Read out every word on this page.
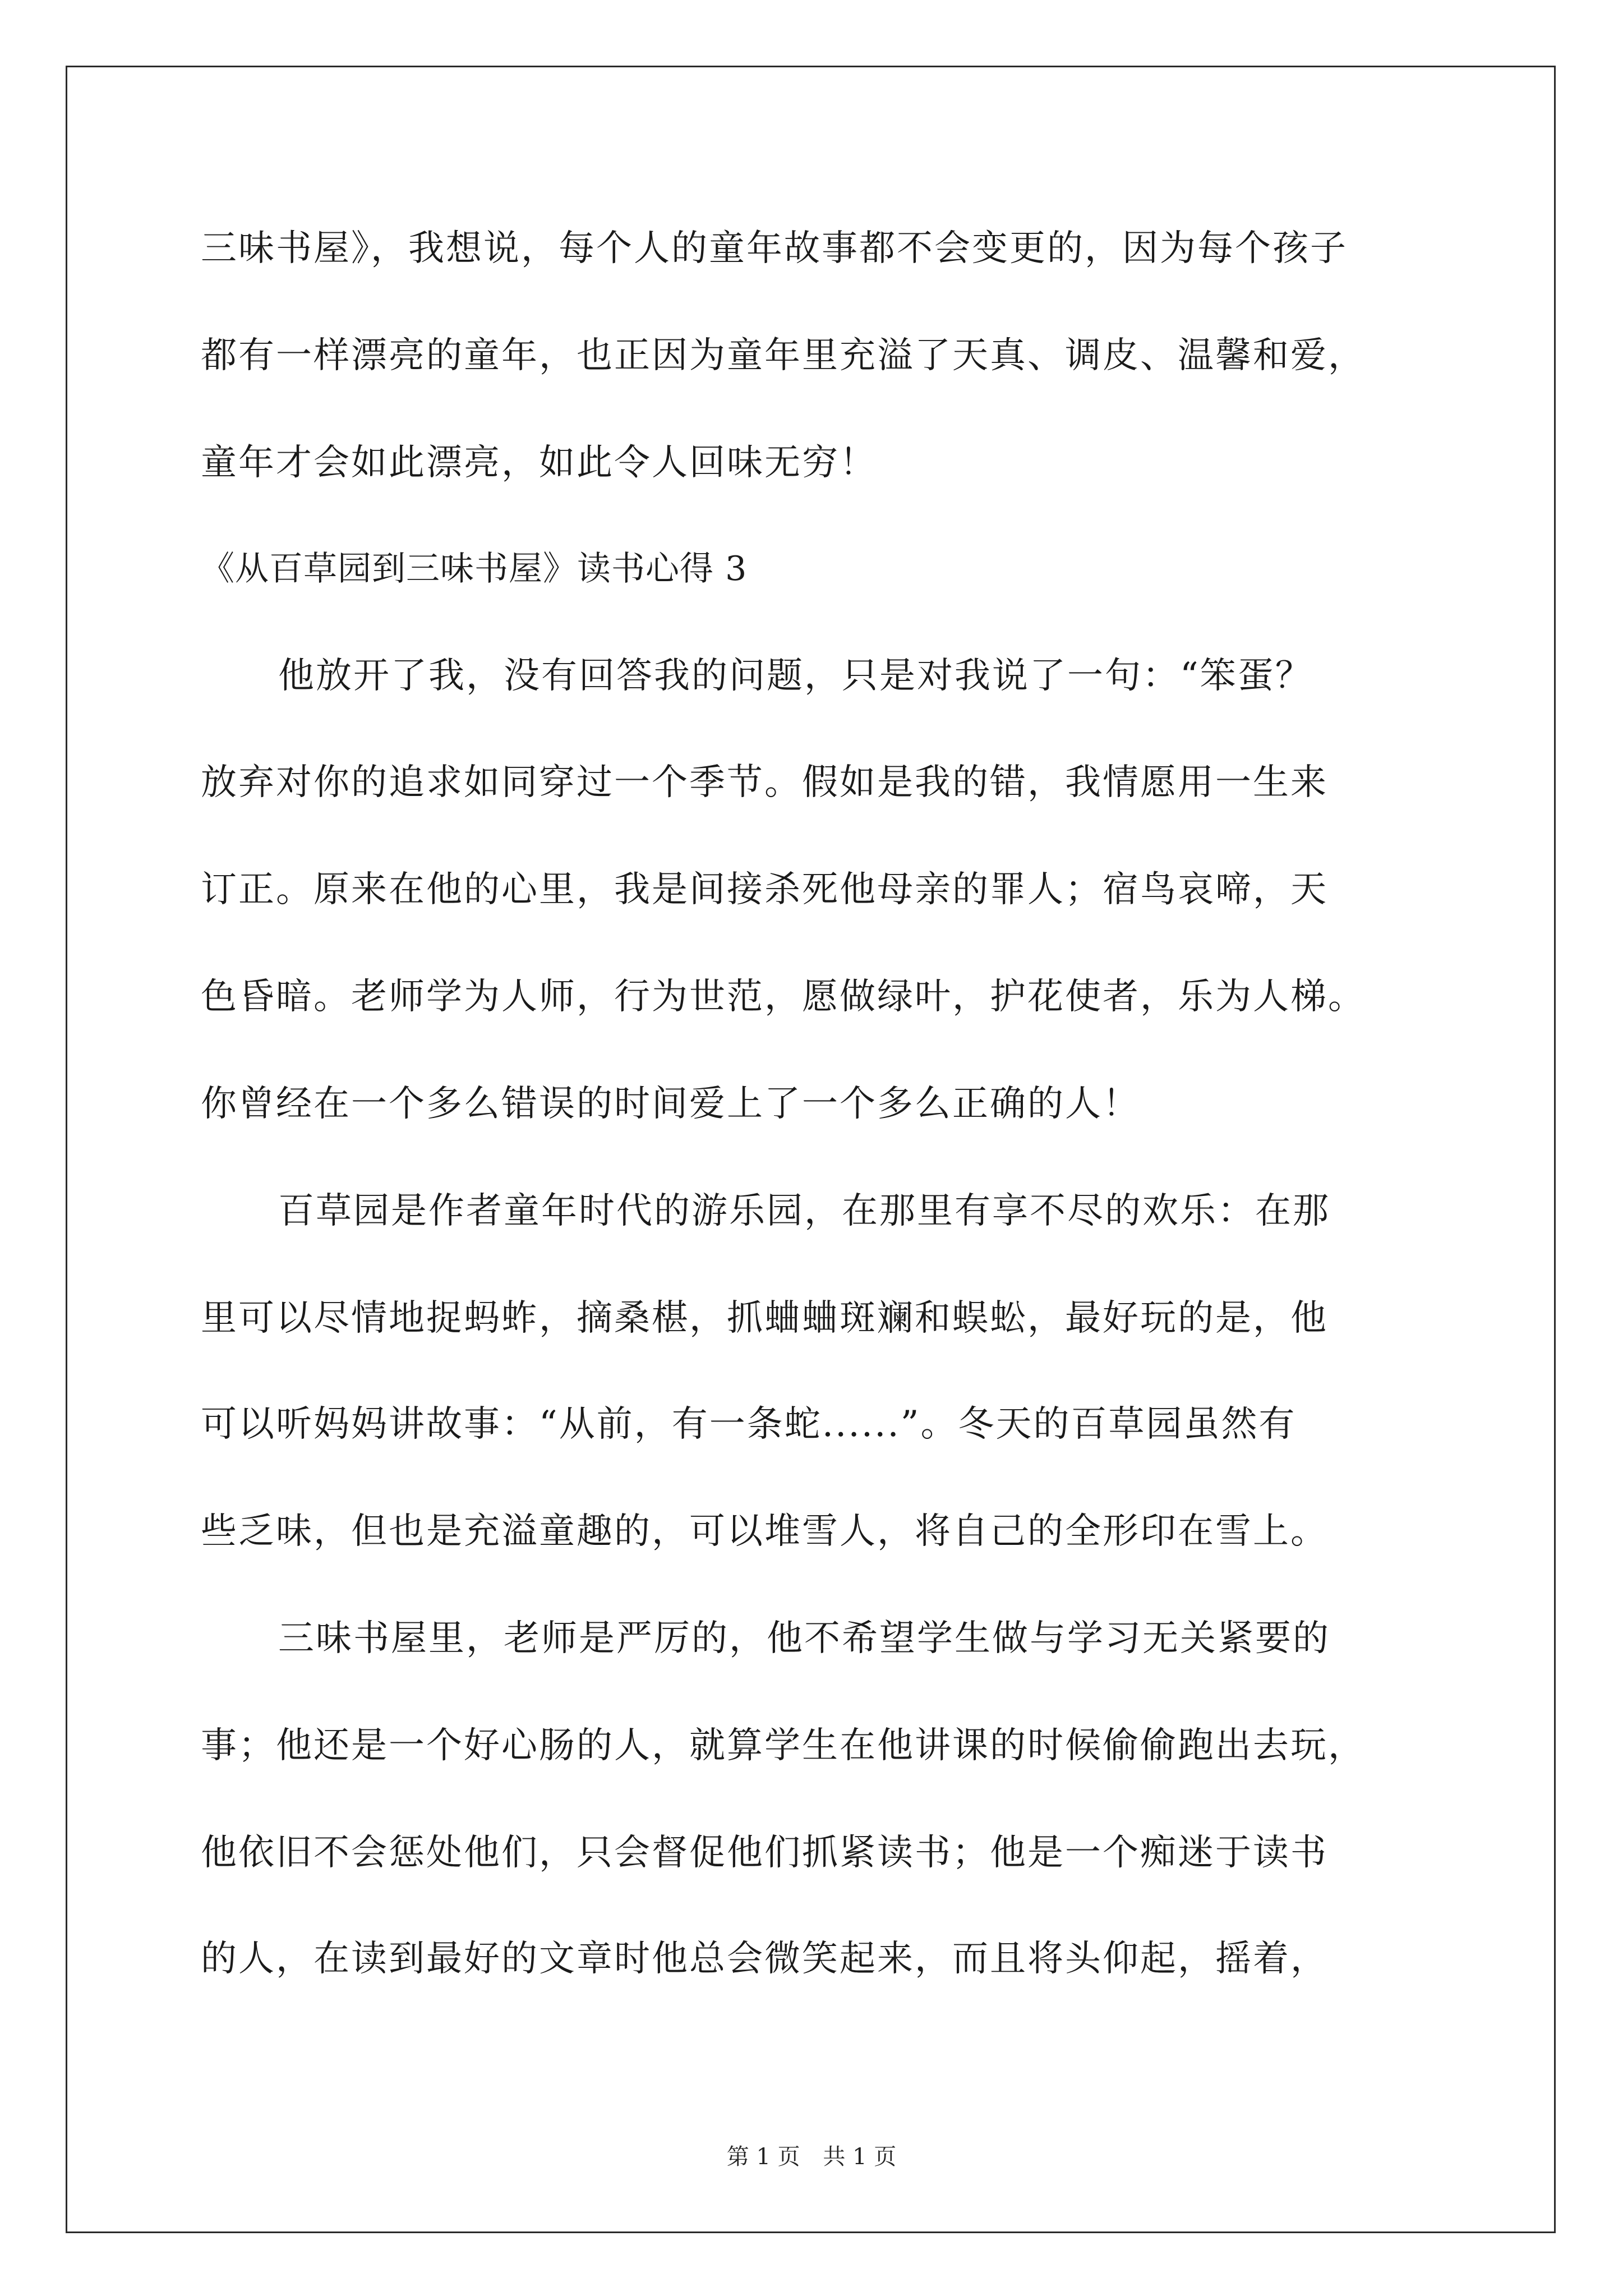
三味书屋》，我想说，每个人的童年故事都不会变更的，因为每个孩子
都有一样漂亮的童年，也正因为童年里充溢了天真、调皮、温馨和爱，
童年才会如此漂亮，如此令人回味无穷！
《从百草园到三味书屋》读书心得 3
他放开了我，没有回答我的问题，只是对我说了一句：“笨蛋？
放弃对你的追求如同穿过一个季节。假如是我的错，我情愿用一生来
订正。原来在他的心里，我是间接杀死他母亲的罪人；宿鸟哀啼，天
色昏暗。老师学为人师，行为世范，愿做绿叶，护花使者，乐为人梯。
你曾经在一个多么错误的时间爱上了一个多么正确的人！
百草园是作者童年时代的游乐园，在那里有享不尽的欢乐：在那
里可以尽情地捉蚂蚱，摘桑椹，抓蛐蛐斑斓和蜈蚣，最好玩的是，他
可以听妈妈讲故事：“从前，有一条蛇......”。冬天的百草园虽然有
些乏味，但也是充溢童趣的，可以堆雪人，将自己的全形印在雪上。
三味书屋里，老师是严厉的，他不希望学生做与学习无关紧要的
事；他还是一个好心肠的人，就算学生在他讲课的时候偷偷跑出去玩，
他依旧不会惩处他们，只会督促他们抓紧读书；他是一个痴迷于读书
的人，在读到最好的文章时他总会微笑起来，而且将头仰起，摇着，
第 1 页 共 1 页
